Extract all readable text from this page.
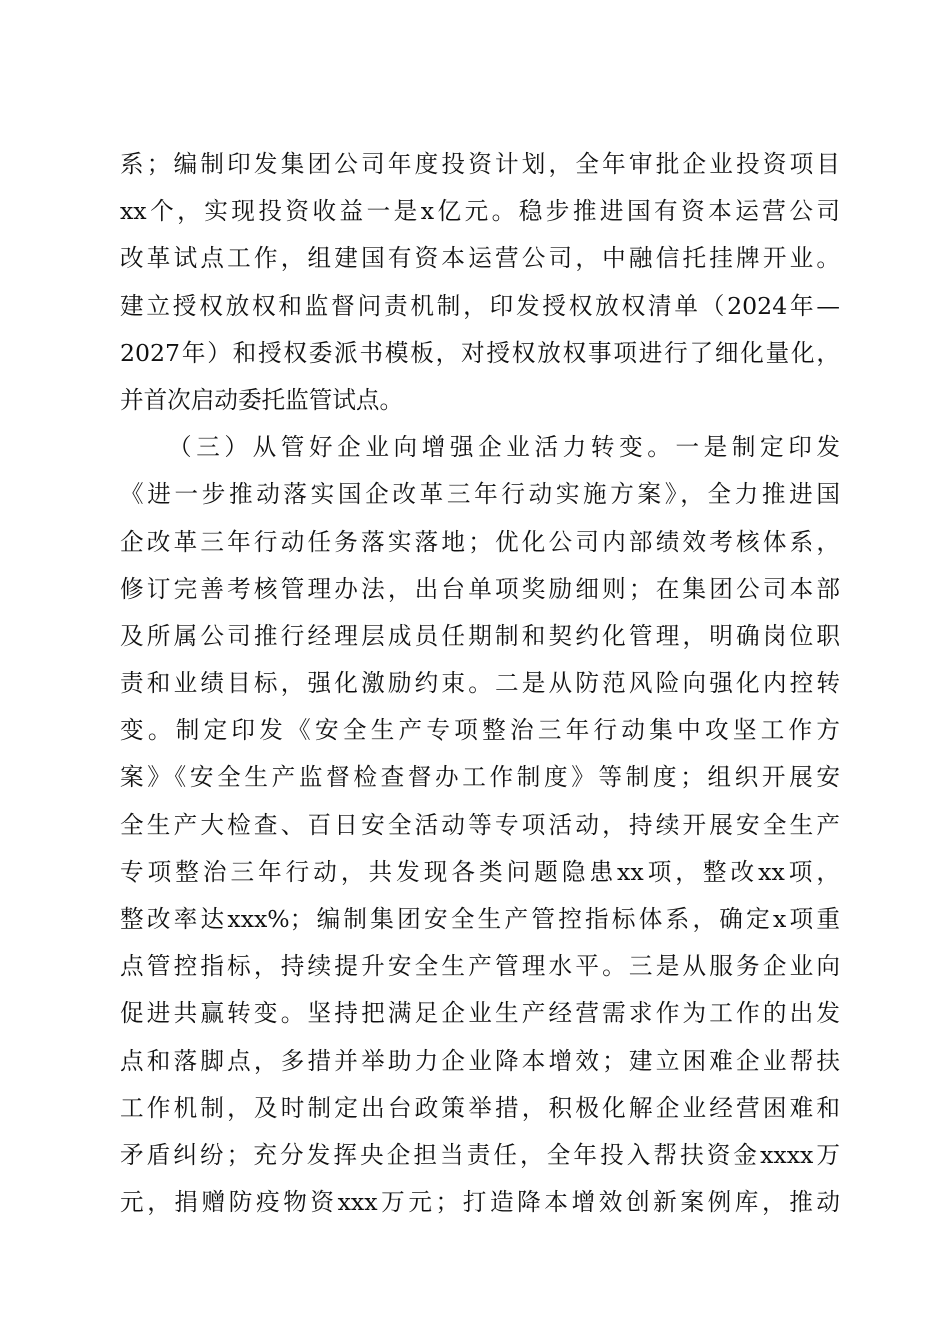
系；编制印发集团公司年度投资计划，全年审批企业投资项目
xx个，实现投资收益一是x亿元。稳步推进国有资本运营公司
改革试点工作，组建国有资本运营公司，中融信托挂牌开业。
建立授权放权和监督问责机制，印发授权放权清单（2024年—
2027年）和授权委派书模板，对授权放权事项进行了细化量化，
并首次启动委托监管试点。
（三）从管好企业向增强企业活力转变。一是制定印发
《进一步推动落实国企改革三年行动实施方案》，全力推进国
企改革三年行动任务落实落地；优化公司内部绩效考核体系，
修订完善考核管理办法，出台单项奖励细则；在集团公司本部
及所属公司推行经理层成员任期制和契约化管理，明确岗位职
责和业绩目标，强化激励约束。二是从防范风险向强化内控转
变。制定印发《安全生产专项整治三年行动集中攻坚工作方
案》《安全生产监督检查督办工作制度》等制度；组织开展安
全生产大检查、百日安全活动等专项活动，持续开展安全生产
专项整治三年行动，共发现各类问题隐患xx项，整改xx项，
整改率达xxx%；编制集团安全生产管控指标体系，确定x项重
点管控指标，持续提升安全生产管理水平。三是从服务企业向
促进共赢转变。坚持把满足企业生产经营需求作为工作的出发
点和落脚点，多措并举助力企业降本增效；建立困难企业帮扶
工作机制，及时制定出台政策举措，积极化解企业经营困难和
矛盾纠纷；充分发挥央企担当责任，全年投入帮扶资金xxxx万
元，捐赠防疫物资xxx万元；打造降本增效创新案例库，推动
